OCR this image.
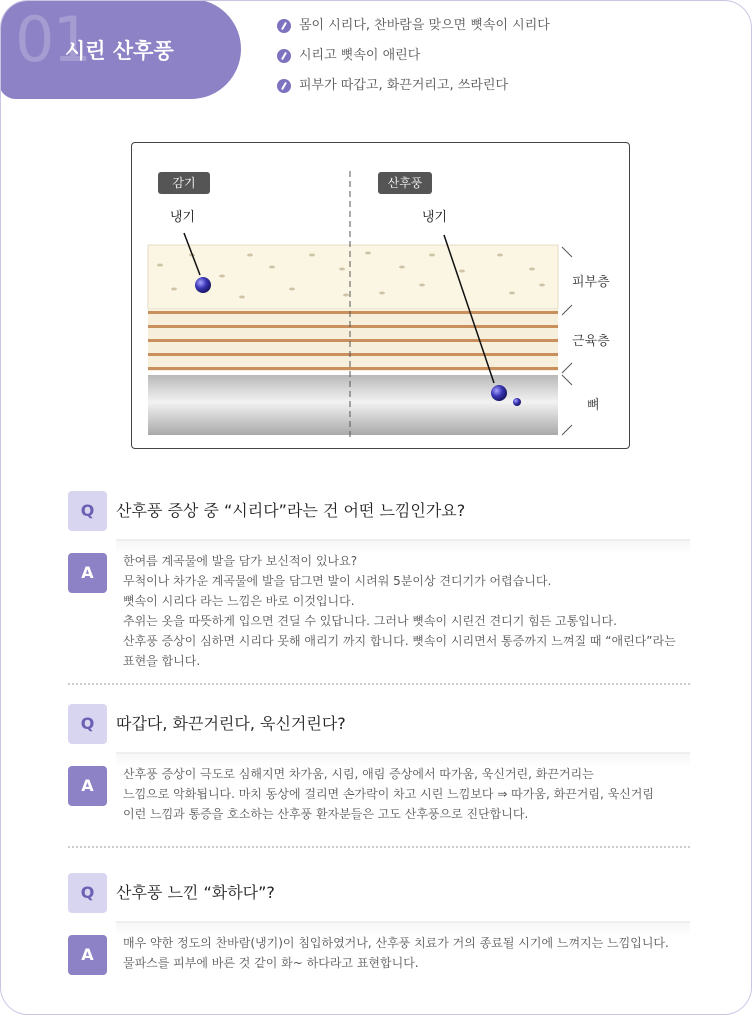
01
시린 산후풍
몸이 시리다, 찬바람을 맞으면 뼛속이 시리다
시리고 뼛속이 애린다
피부가 따갑고, 화끈거리고, 쓰라린다
감기	산후풍
냉기	냉기
피부층
근육층
뼈
Q	산후풍 증상 중 “시리다”라는 건 어떤 느낌인가요?
A
한여름 계곡물에 발을 담가 보신적이 있나요?
무척이나 차가운 계곡물에 발을 담그면 발이 시려워 5분이상 견디기가 어렵습니다.
뼛속이 시리다 라는 느낌은 바로 이것입니다.
추위는 옷을 따뜻하게 입으면 견딜 수 있답니다. 그러나 뼛속이 시린건 견디기 힘든 고통입니다.
산후풍 증상이 심하면 시리다 못해 애리기 까지 합니다. 뼛속이 시리면서 통증까지 느껴질 때 “애린다”라는
표현을 합니다.
Q	따갑다, 화끈거린다, 욱신거린다?
A
산후풍 증상이 극도로 심해지면 차가움, 시림, 애림 증상에서 따가움, 욱신거린, 화끈거리는
느낌으로 악화됩니다. 마치 동상에 걸리면 손가락이 차고 시린 느낌보다 ⇒ 따가움, 화끈거림, 욱신거림
이런 느낌과 통증을 호소하는 산후풍 환자분들은 고도 산후풍으로 진단합니다.
Q	산후풍 느낀 “화하다”?
A
매우 약한 정도의 찬바람(냉기)이 침입하였거나, 산후풍 치료가 거의 종료될 시기에 느껴지는 느낌입니다.
물파스를 피부에 바른 것 같이 화~ 하다라고 표현합니다.
